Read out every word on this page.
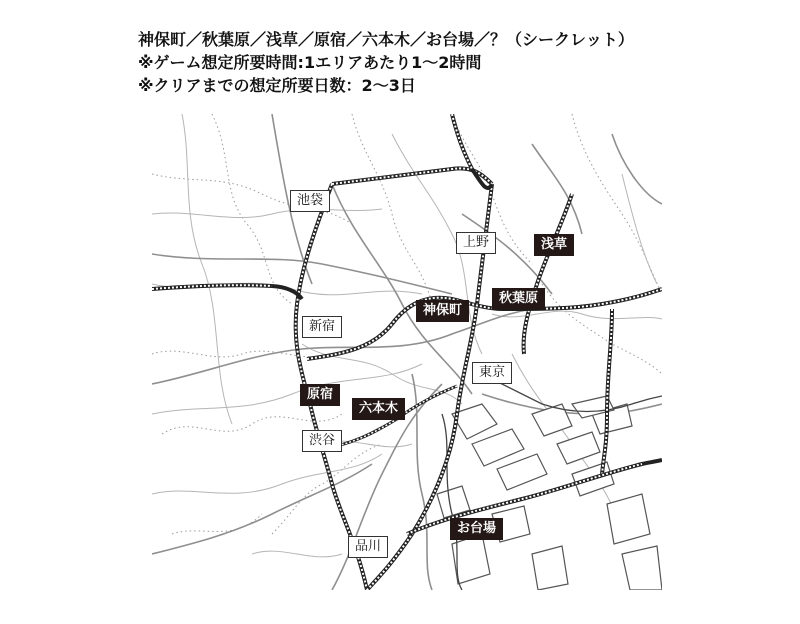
神保町／秋葉原／浅草／原宿／六本木／お台場／？（シークレット）
※ゲーム想定所要時間:1エリアあたり1〜2時間
※クリアまでの想定所要日数：2〜3日
池袋
上野	浅草
神保町
秋葉原
新宿
東京
原宿
六本木
渋谷
お台場
品川
